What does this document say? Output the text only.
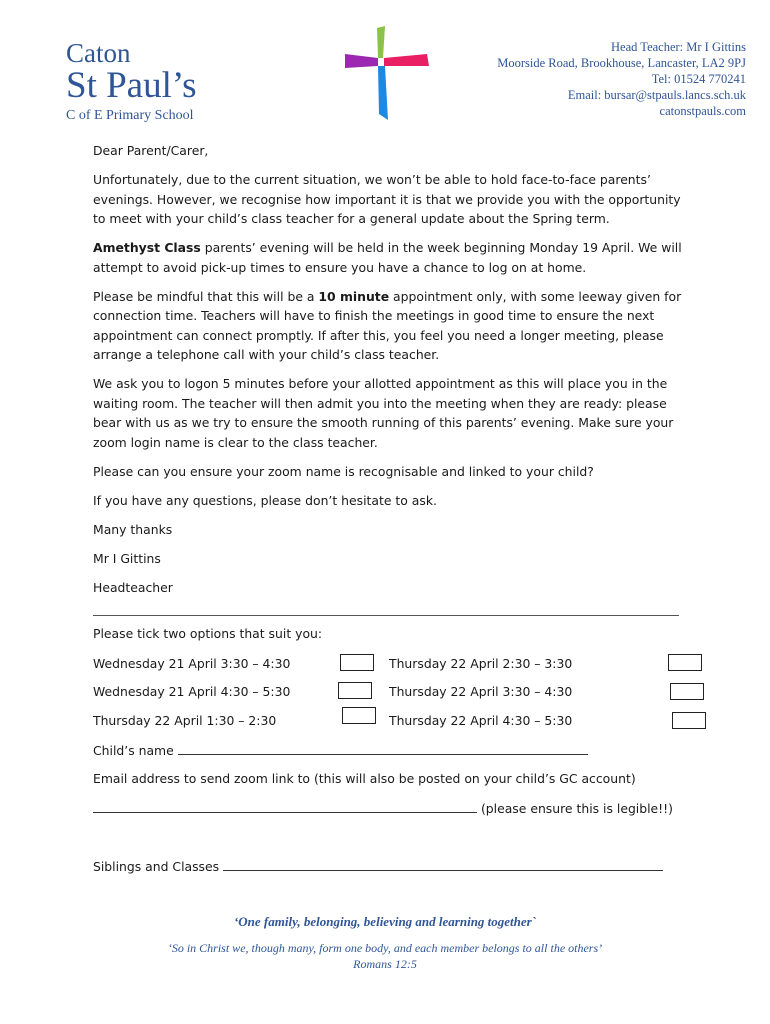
Caton
St Paul’s
C of E Primary School
Head Teacher: Mr I Gittins
Moorside Road, Brookhouse, Lancaster, LA2 9PJ
Tel: 01524 770241
Email: bursar@stpauls.lancs.sch.uk
catonstpauls.com

Dear Parent/Carer,

Unfortunately, due to the current situation, we won’t be able to hold face-to-face parents’ evenings. However, we recognise how important it is that we provide you with the opportunity to meet with your child’s class teacher for a general update about the Spring term.

Amethyst Class parents’ evening will be held in the week beginning Monday 19 April. We will attempt to avoid pick-up times to ensure you have a chance to log on at home.

Please be mindful that this will be a 10 minute appointment only, with some leeway given for connection time. Teachers will have to finish the meetings in good time to ensure the next appointment can connect promptly. If after this, you feel you need a longer meeting, please arrange a telephone call with your child’s class teacher.

We ask you to logon 5 minutes before your allotted appointment as this will place you in the waiting room. The teacher will then admit you into the meeting when they are ready: please bear with us as we try to ensure the smooth running of this parents’ evening. Make sure your zoom login name is clear to the class teacher.

Please can you ensure your zoom name is recognisable and linked to your child?

If you have any questions, please don’t hesitate to ask.

Many thanks

Mr I Gittins

Headteacher

Please tick two options that suit you:
Wednesday 21 April 3:30 – 4:30	Thursday 22 April 2:30 – 3:30
Wednesday 21 April 4:30 – 5:30	Thursday 22 April 3:30 – 4:30
Thursday 22 April 1:30 – 2:30	Thursday 22 April 4:30 – 5:30
Child’s name
Email address to send zoom link to (this will also be posted on your child’s GC account)
(please ensure this is legible!!)
Siblings and Classes
‘One family, belonging, believing and learning together`
‘So in Christ we, though many, form one body, and each member belongs to all the others’
Romans 12:5
